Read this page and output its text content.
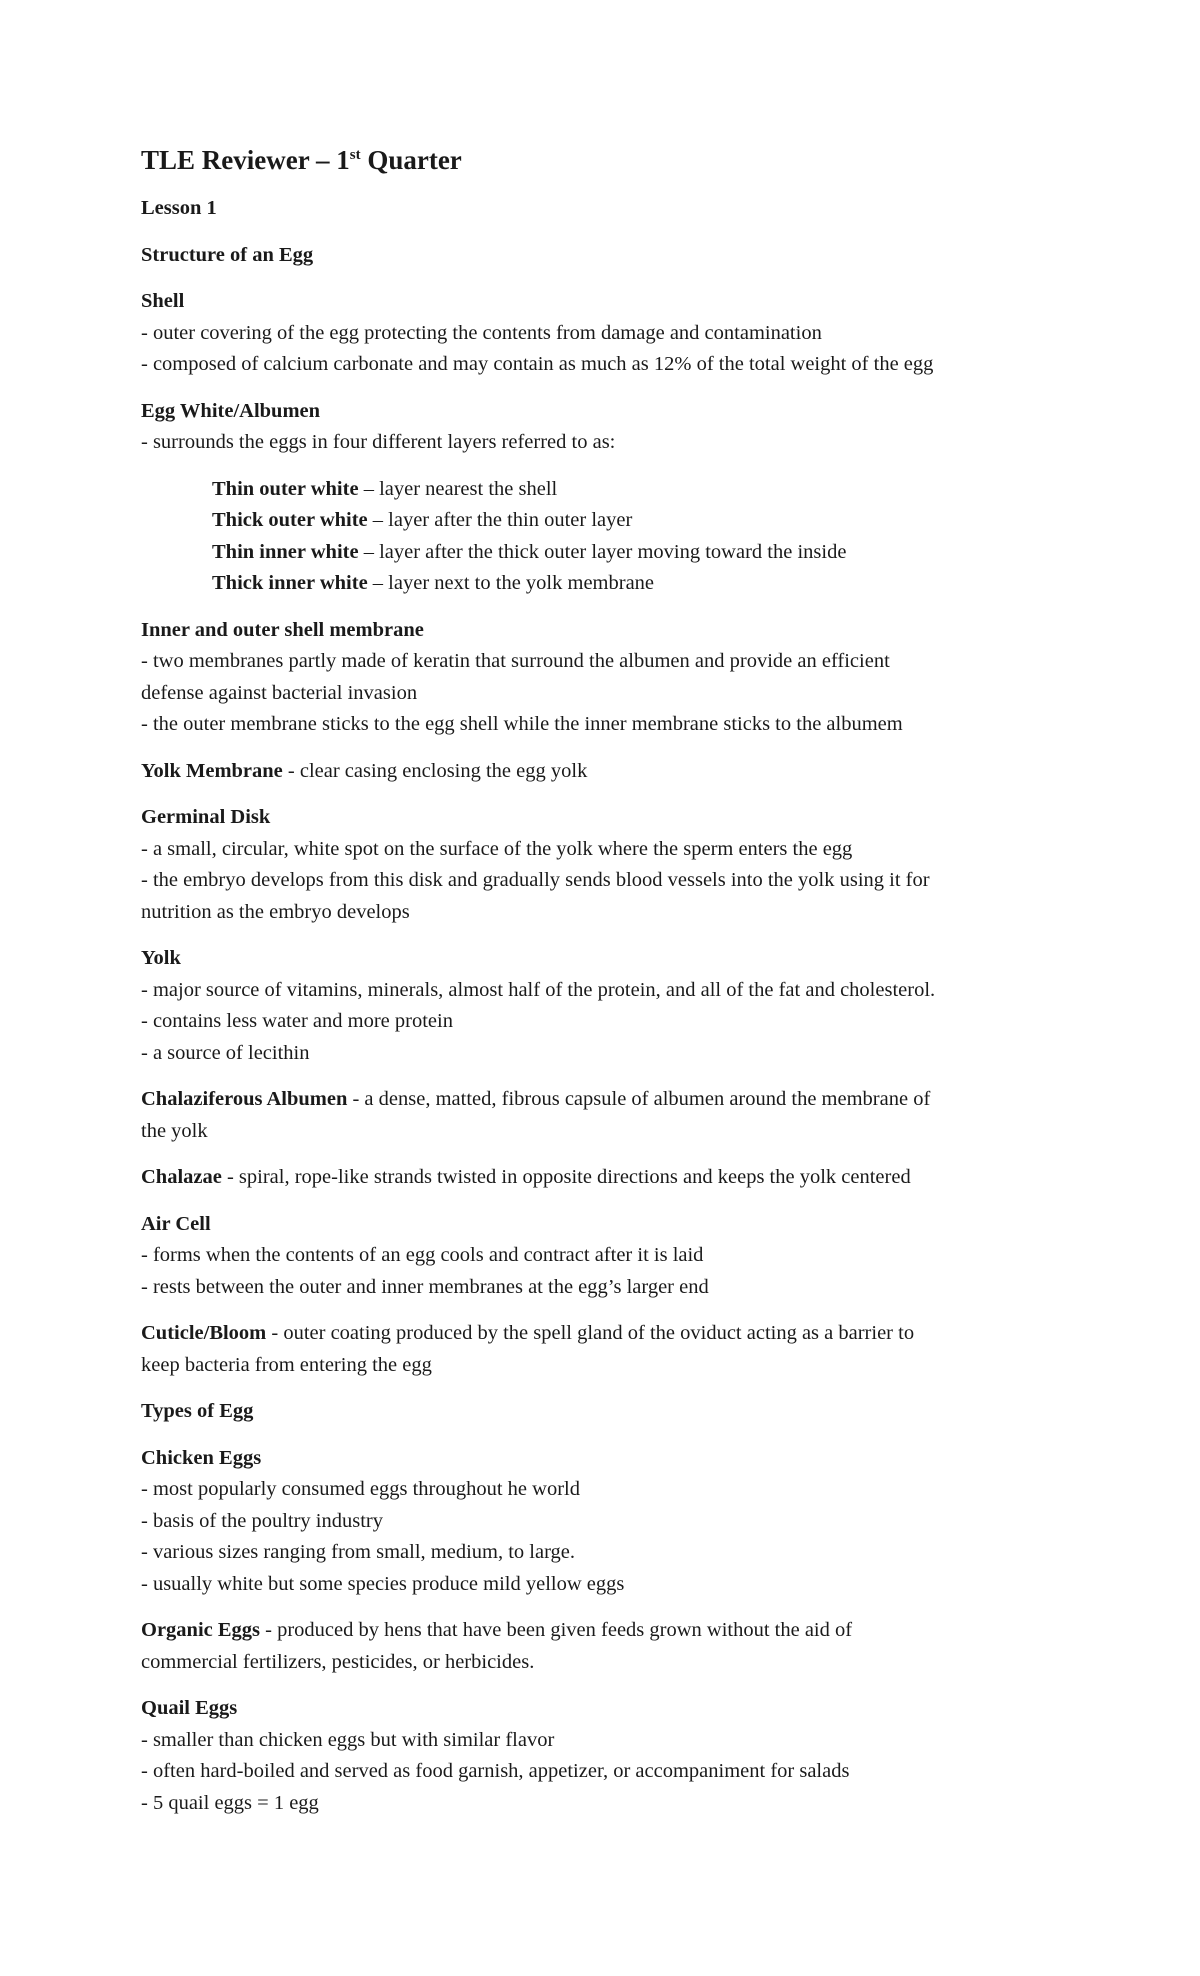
TLE Reviewer – 1st Quarter
Lesson 1
Structure of an Egg
Shell
- outer covering of the egg protecting the contents from damage and contamination
- composed of calcium carbonate and may contain as much as 12% of the total weight of the egg
Egg White/Albumen
- surrounds the eggs in four different layers referred to as:
Thin outer white – layer nearest the shell
Thick outer white – layer after the thin outer layer
Thin inner white – layer after the thick outer layer moving toward the inside
Thick inner white – layer next to the yolk membrane
Inner and outer shell membrane
- two membranes partly made of keratin that surround the albumen and provide an efficient
defense against bacterial invasion
- the outer membrane sticks to the egg shell while the inner membrane sticks to the albumem
Yolk Membrane - clear casing enclosing the egg yolk
Germinal Disk
- a small, circular, white spot on the surface of the yolk where the sperm enters the egg
- the embryo develops from this disk and gradually sends blood vessels into the yolk using it for
nutrition as the embryo develops
Yolk
- major source of vitamins, minerals, almost half of the protein, and all of the fat and cholesterol.
- contains less water and more protein
- a source of lecithin
Chalaziferous Albumen - a dense, matted, fibrous capsule of albumen around the membrane of
the yolk
Chalazae - spiral, rope-like strands twisted in opposite directions and keeps the yolk centered
Air Cell
- forms when the contents of an egg cools and contract after it is laid
- rests between the outer and inner membranes at the egg’s larger end
Cuticle/Bloom - outer coating produced by the spell gland of the oviduct acting as a barrier to
keep bacteria from entering the egg
Types of Egg
Chicken Eggs
- most popularly consumed eggs throughout he world
- basis of the poultry industry
- various sizes ranging from small, medium, to large.
- usually white but some species produce mild yellow eggs
Organic Eggs - produced by hens that have been given feeds grown without the aid of
commercial fertilizers, pesticides, or herbicides.
Quail Eggs
- smaller than chicken eggs but with similar flavor
- often hard-boiled and served as food garnish, appetizer, or accompaniment for salads
- 5 quail eggs = 1 egg
